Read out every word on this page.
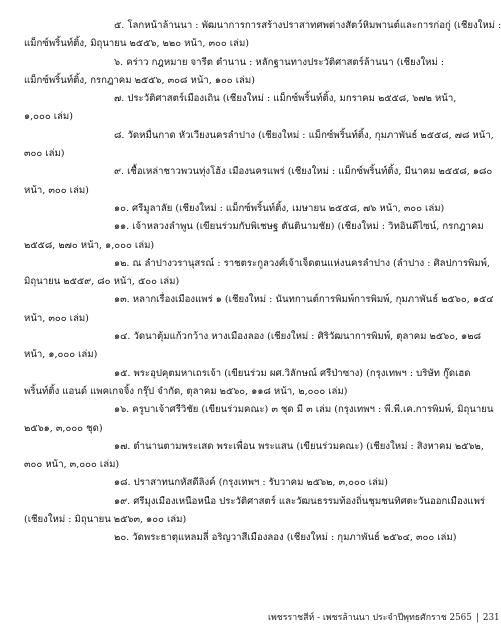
๕. โลกหน้าล้านนา : พัฒนาการการสร้างปราสาทศพต่างสัตว์หิมพานต์และการก่อกู่ (เชียงใหม่ :
แม็กซ์พริ้นท์ติ้ง, มิถุนายน ๒๕๕๖, ๒๒๐ หน้า, ๓๐๐ เล่ม)
๖. คร่าว กฎหมาย จารีต ตำนาน : หลักฐานทางประวัติศาสตร์ล้านนา (เชียงใหม่ :
แม็กซ์พริ้นท์ติ้ง, กรกฎาคม ๒๕๕๖, ๓๐๘ หน้า, ๑๐๐ เล่ม)
๗. ประวัติศาสตร์เมืองเถิน (เชียงใหม่ : แม็กซ์พริ้นท์ติ้ง, มกราคม ๒๕๕๘, ๖๗๒ หน้า,
๑,๐๐๐ เล่ม)
๘. วัดหมื่นกาด หัวเวียงนครลำปาง (เชียงใหม่ : แม็กซ์พริ้นท์ติ้ง, กุมภาพันธ์ ๒๕๕๘, ๗๘ หน้า,
๓๐๐ เล่ม)
๙. เชื้อเหล่าชาวพวนทุ่งโฮ้ง เมืองนครแพร่ (เชียงใหม่ : แม็กซ์พริ้นท์ติ้ง, มีนาคม ๒๕๕๘, ๑๘๐
หน้า, ๓๐๐ เล่ม)
๑๐. ศรีมูลาลัย (เชียงใหม่ : แม็กซ์พริ้นท์ติ้ง, เมษายน ๒๕๕๘, ๗๖ หน้า, ๓๐๐ เล่ม)
๑๑. เจ้าหลวงลำพูน (เขียนร่วมกับพิเชษฐ ตันตินามชัย) (เชียงใหม่ : วิทอินดีไซน์, กรกฎาคม
๒๕๕๘, ๒๗๐ หน้า, ๑,๐๐๐ เล่ม)
๑๒. ณ ลำปางวรานุสรณ์ : ราชตระกูลวงศ์เจ้าเจ็ดตนแห่งนครลำปาง (ลำปาง : ศิลปการพิมพ์,
มิถุนายน ๒๕๕๙, ๘๐ หน้า, ๕๐๐ เล่ม)
๑๓. หลากเรื่องเมืองแพร่ ๑ (เชียงใหม่ : นันทกานต์การพิมพ์การพิมพ์, กุมภาพันธ์ ๒๕๖๐, ๑๕๔
หน้า, ๓๐๐ เล่ม)
๑๔. วัดนาตุ้มแก้วกว้าง หางเมืองลอง (เชียงใหม่ : ศิริวัฒนาการพิมพ์, ตุลาคม ๒๕๖๐, ๑๒๘
หน้า, ๑,๐๐๐ เล่ม)
๑๕. พระอุปคุตมหาเถรเจ้า (เขียนร่วม ผศ.วิลักษณ์ ศรีป่าซาง) (กรุงเทพฯ : บริษัท กู๊ดเฮด
พริ้นท์ติ้ง แอนด์ แพคเกจจิ้ง กรุ๊ป จำกัด, ตุลาคม ๒๕๖๐, ๑๑๘ หน้า, ๒,๐๐๐ เล่ม)
๑๖. ครูบาเจ้าศรีวิชัย (เขียนร่วมคณะ) ๓ ชุด มี ๓ เล่ม (กรุงเทพฯ : พี.พี.เค.การพิมพ์, มิถุนายน
๒๕๖๑, ๓,๐๐๐ ชุด)
๑๗. ตำนานตามพระเสด พระเพื่อน พระแสน (เขียนร่วมคณะ) (เชียงใหม่ : สิงหาคม ๒๕๖๒,
๓๐๐ หน้า, ๓,๐๐๐ เล่ม)
๑๘. ปราสาทนกหัสดีลิงค์ (กรุงเทพฯ : รับวาคม ๒๕๖๒, ๓,๐๐๐ เล่ม)
๑๙. ศรีมุงเมืองเหนือหนือ ประวัติศาสตร์ และวัฒนธรรมท้องถิ่นชุมชนทิศตะวันออกเมืองแพร่
(เชียงใหม่ : มิถุนายน ๒๕๖๓, ๑๐๐ เล่ม)
๒๐. วัดพระธาตุแหลมลี่ อริญวาสีเมืองลอง (เชียงใหม่ : กุมภาพันธ์ ๒๕๖๔, ๓๐๐ เล่ม)
เพชรราชสีห์ - เพชรล้านนา ประจำปีพุทธศักราช 2565 | 231
